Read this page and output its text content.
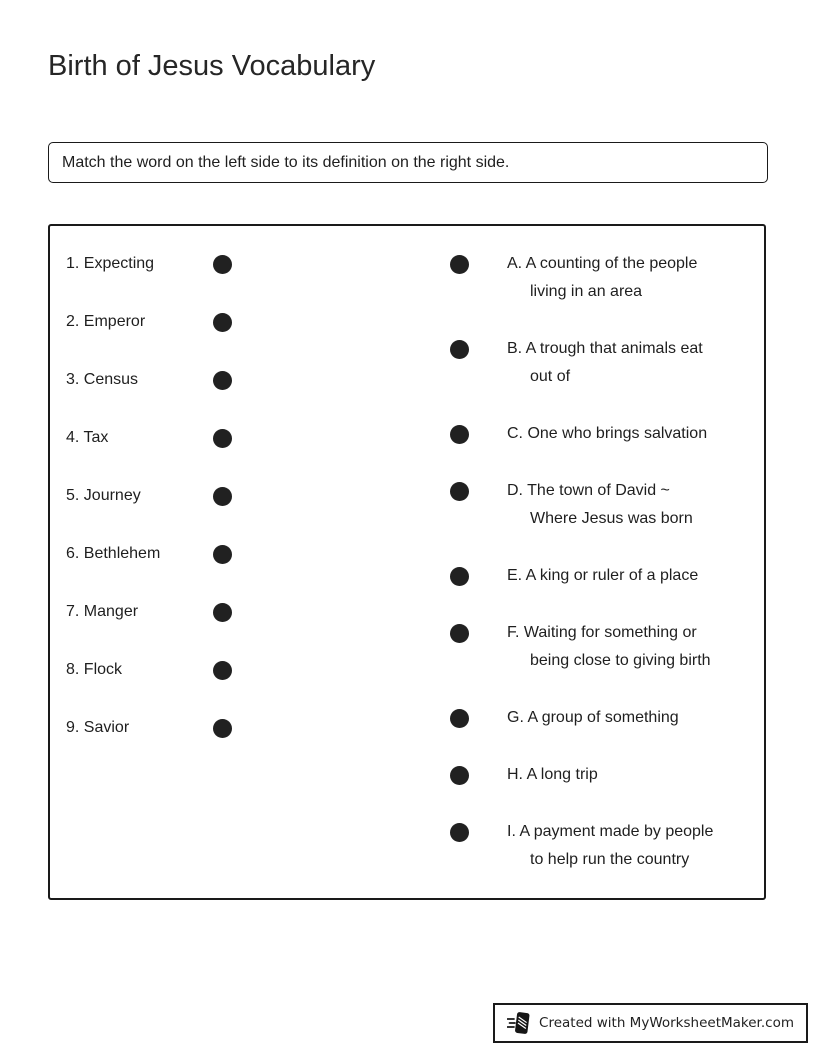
Birth of Jesus Vocabulary
Match the word on the left side to its definition on the right side.
1. Expecting
2. Emperor
3. Census
4. Tax
5. Journey
6. Bethlehem
7. Manger
8. Flock
9. Savior
A. A counting of the people
living in an area
B. A trough that animals eat
out of
C. One who brings salvation
D. The town of David ~
Where Jesus was born
E. A king or ruler of a place
F. Waiting for something or
being close to giving birth
G. A group of something
H. A long trip
I. A payment made by people
to help run the country
Created with MyWorksheetMaker.com
